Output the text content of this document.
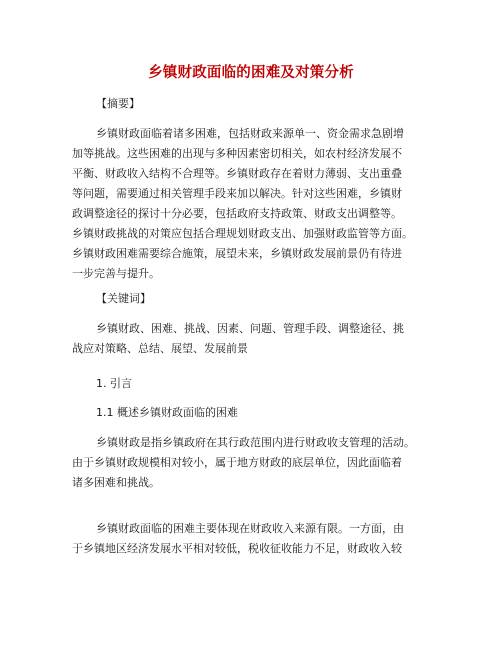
乡镇财政面临的困难及对策分析
【摘要】
乡镇财政面临着诸多困难，包括财政来源单一、资金需求急剧增
加等挑战。这些困难的出现与多种因素密切相关，如农村经济发展不
平衡、财政收入结构不合理等。乡镇财政存在着财力薄弱、支出重叠
等问题，需要通过相关管理手段来加以解决。针对这些困难，乡镇财
政调整途径的探讨十分必要，包括政府支持政策、财政支出调整等。
乡镇财政挑战的对策应包括合理规划财政支出、加强财政监管等方面。
乡镇财政困难需要综合施策，展望未来，乡镇财政发展前景仍有待进
一步完善与提升。
【关键词】
乡镇财政、困难、挑战、因素、问题、管理手段、调整途径、挑
战应对策略、总结、展望、发展前景
1. 引言
1.1 概述乡镇财政面临的困难
乡镇财政是指乡镇政府在其行政范围内进行财政收支管理的活动。
由于乡镇财政规模相对较小，属于地方财政的底层单位，因此面临着
诸多困难和挑战。
乡镇财政面临的困难主要体现在财政收入来源有限。一方面，由
于乡镇地区经济发展水平相对较低，税收征收能力不足，财政收入较
